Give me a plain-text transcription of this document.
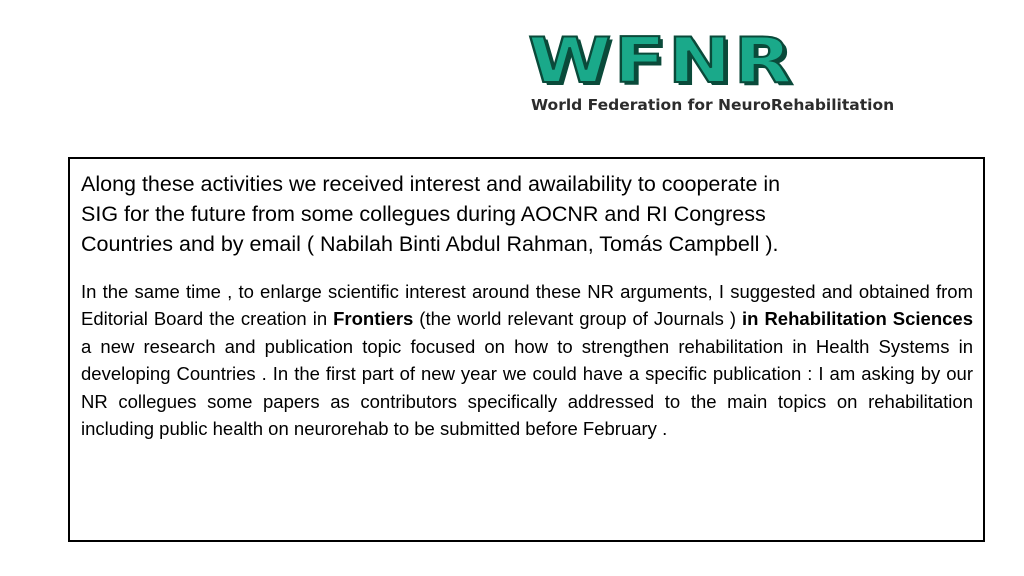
WFNR
World Federation for NeuroRehabilitation
Along these activities we received interest and awailability to cooperate in
SIG for the future from some collegues during AOCNR and RI Congress
Countries and by email ( Nabilah Binti Abdul Rahman, Tomás Campbell ).

In the same time , to enlarge scientific interest around these NR arguments, I suggested and obtained from Editorial Board the creation in Frontiers (the world relevant group of Journals ) in Rehabilitation Sciences a new research and publication topic focused on how to strengthen rehabilitation in Health Systems in developing Countries . In the first part of new year we could have a specific publication : I am asking by our NR collegues some papers as contributors specifically addressed to the main topics on rehabilitation including public health on neurorehab to be submitted before February .
